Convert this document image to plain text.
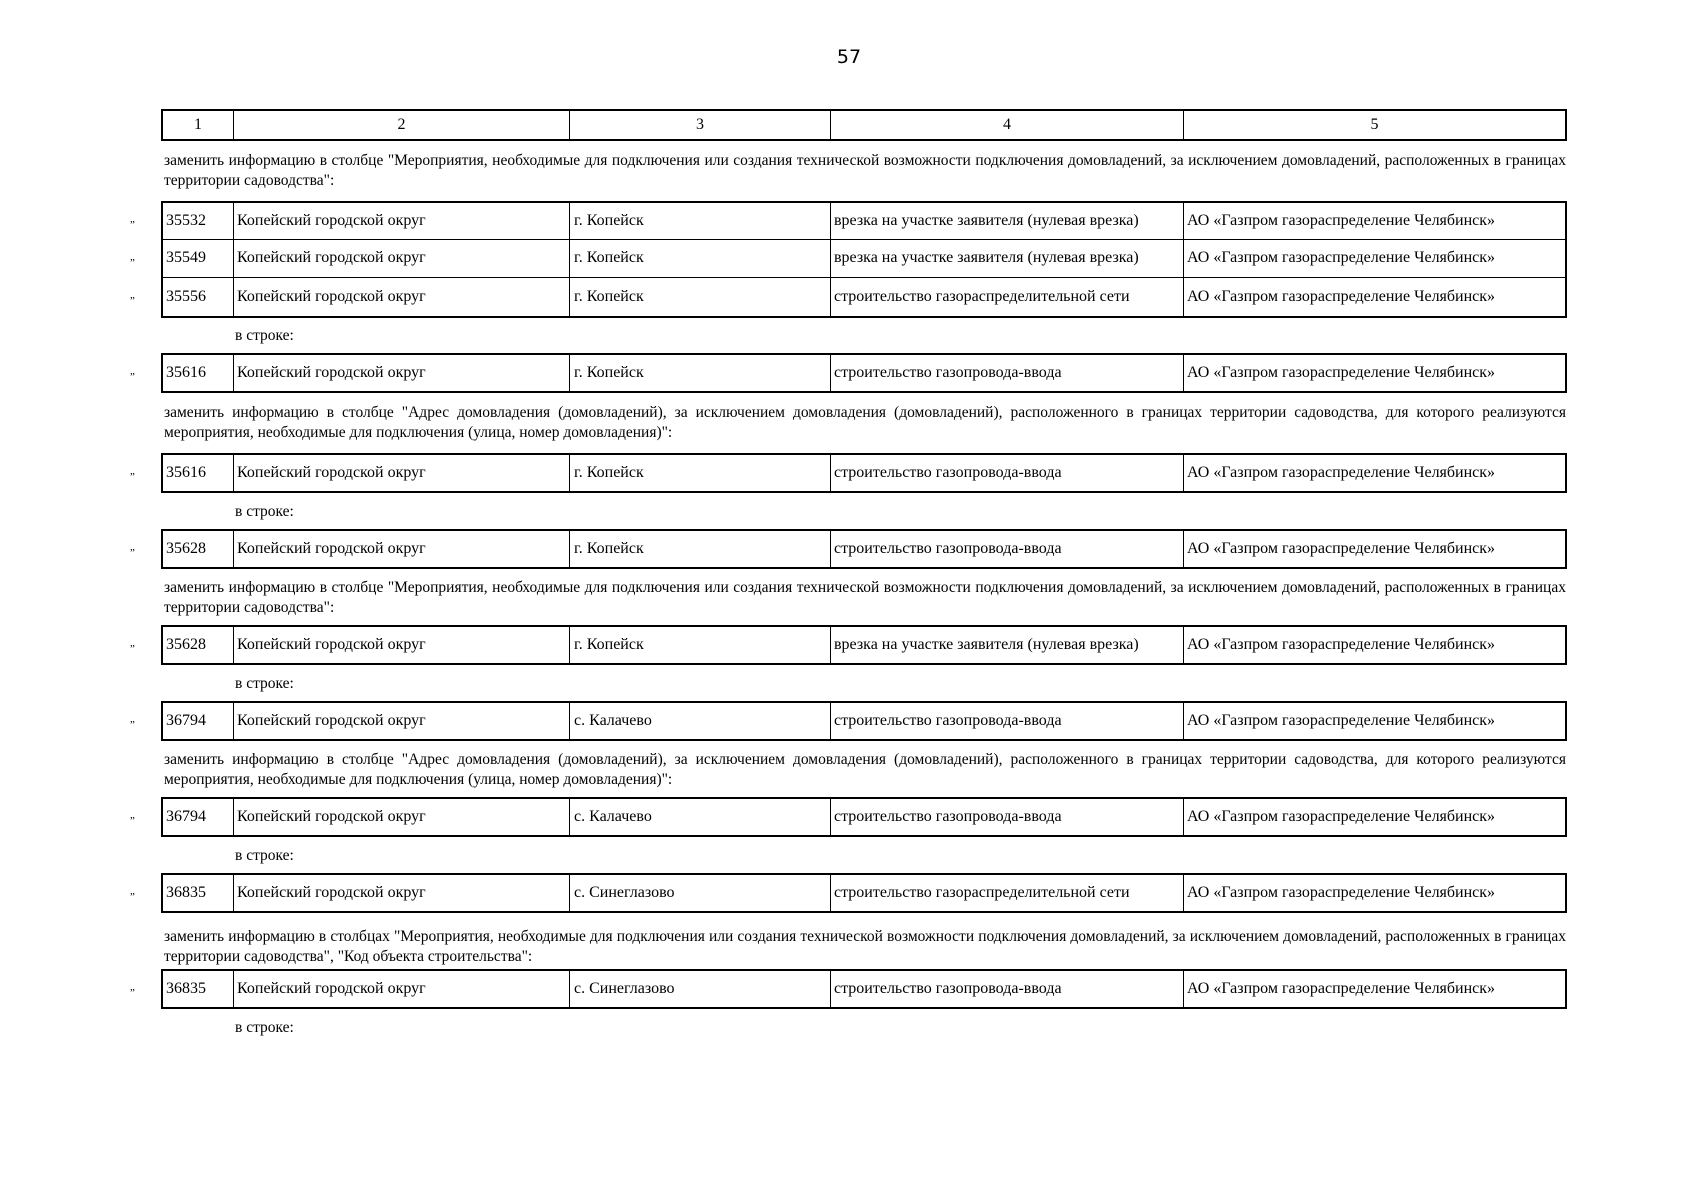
57
1	2	3	4	5
заменить информацию в столбце "Мероприятия, необходимые для подключения или создания технической возможности подключения домовладений, за исключением домовладений, расположенных в границах территории садоводства":
” 35532	Копейский городской округ	г. Копейск	врезка на участке заявителя (нулевая врезка)	АО «Газпром газораспределение Челябинск»
” 35549	Копейский городской округ	г. Копейск	врезка на участке заявителя (нулевая врезка)	АО «Газпром газораспределение Челябинск»
” 35556	Копейский городской округ	г. Копейск	строительство газораспределительной сети	АО «Газпром газораспределение Челябинск»
в строке:
” 35616	Копейский городской округ	г. Копейск	строительство газопровода-ввода	АО «Газпром газораспределение Челябинск»
заменить информацию в столбце "Адрес домовладения (домовладений), за исключением домовладения (домовладений), расположенного в границах территории садоводства, для которого реализуются мероприятия, необходимые для подключения (улица, номер домовладения)":
” 35616	Копейский городской округ	г. Копейск	строительство газопровода-ввода	АО «Газпром газораспределение Челябинск»
в строке:
” 35628	Копейский городской округ	г. Копейск	строительство газопровода-ввода	АО «Газпром газораспределение Челябинск»
заменить информацию в столбце "Мероприятия, необходимые для подключения или создания технической возможности подключения домовладений, за исключением домовладений, расположенных в границах территории садоводства":
” 35628	Копейский городской округ	г. Копейск	врезка на участке заявителя (нулевая врезка)	АО «Газпром газораспределение Челябинск»
в строке:
” 36794	Копейский городской округ	с. Калачево	строительство газопровода-ввода	АО «Газпром газораспределение Челябинск»
заменить информацию в столбце "Адрес домовладения (домовладений), за исключением домовладения (домовладений), расположенного в границах территории садоводства, для которого реализуются мероприятия, необходимые для подключения (улица, номер домовладения)":
” 36794	Копейский городской округ	с. Калачево	строительство газопровода-ввода	АО «Газпром газораспределение Челябинск»
в строке:
” 36835	Копейский городской округ	с. Синеглазово	строительство газораспределительной сети	АО «Газпром газораспределение Челябинск»
заменить информацию в столбцах "Мероприятия, необходимые для подключения или создания технической возможности подключения домовладений, за исключением домовладений, расположенных в границах территории садоводства", "Код объекта строительства":
” 36835	Копейский городской округ	с. Синеглазово	строительство газопровода-ввода	АО «Газпром газораспределение Челябинск»
в строке:
